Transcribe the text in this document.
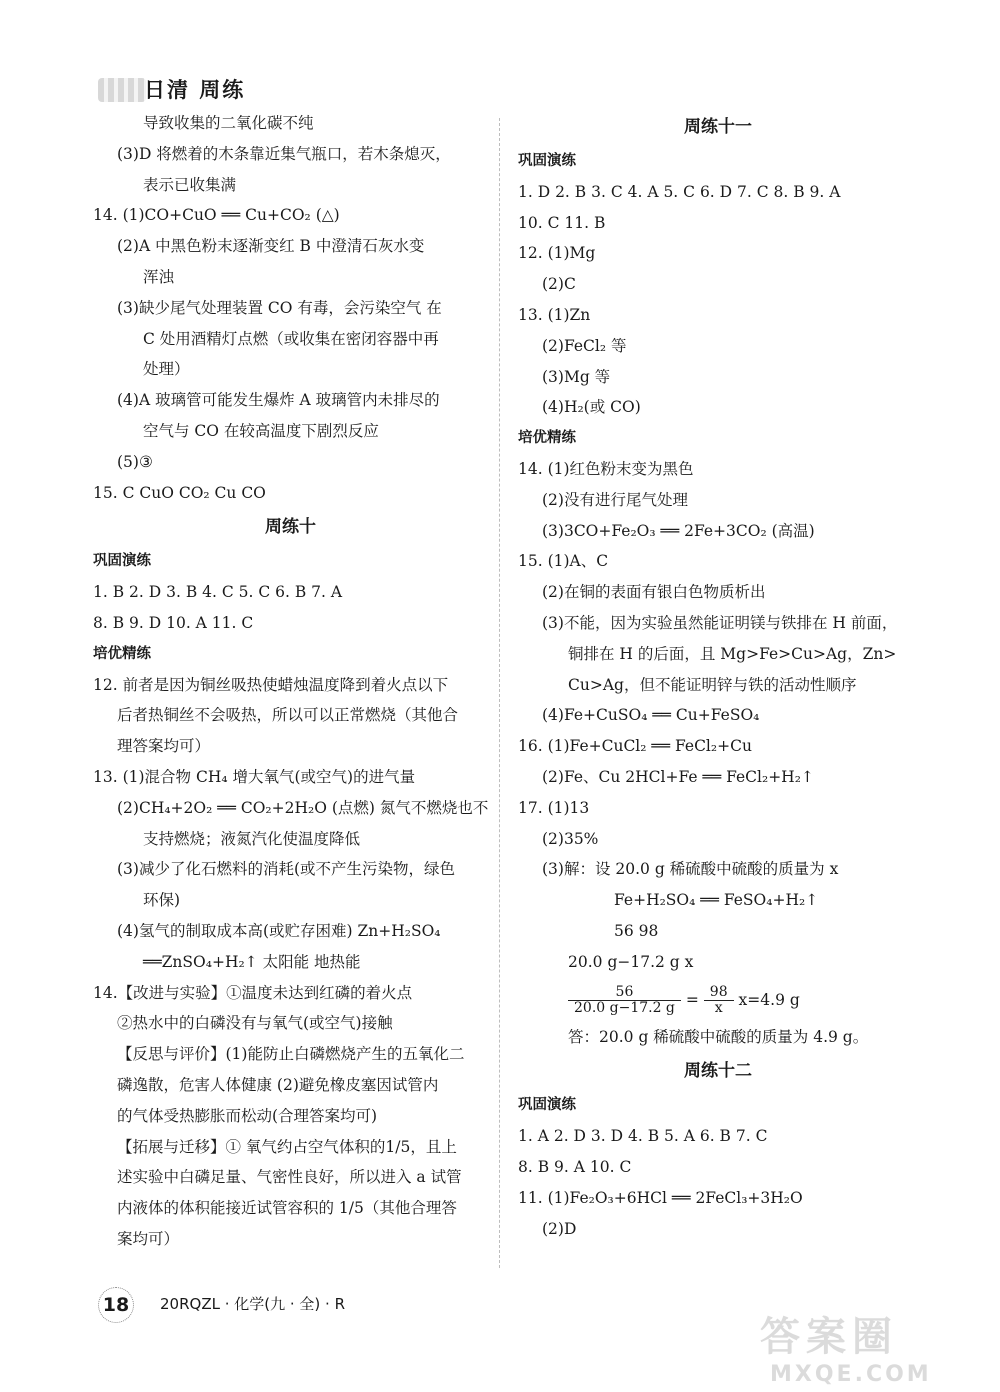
日清 周练
导致收集的二氧化碳不纯
(3)D 将燃着的木条靠近集气瓶口，若木条熄灭，
表示已收集满
14. (1)CO+CuO ══ Cu+CO₂ (△)
(2)A 中黑色粉末逐渐变红 B 中澄清石灰水变
浑浊
(3)缺少尾气处理装置 CO 有毒，会污染空气 在
C 处用酒精灯点燃（或收集在密闭容器中再
处理）
(4)A 玻璃管可能发生爆炸 A 玻璃管内未排尽的
空气与 CO 在较高温度下剧烈反应
(5)③
15. C CuO CO₂ Cu CO
周练十
巩固演练
1. B 2. D 3. B 4. C 5. C 6. B 7. A
8. B 9. D 10. A 11. C
培优精练
12. 前者是因为铜丝吸热使蜡烛温度降到着火点以下
后者热铜丝不会吸热，所以可以正常燃烧（其他合
理答案均可）
13. (1)混合物 CH₄ 增大氧气(或空气)的进气量
(2)CH₄+2O₂ ══ CO₂+2H₂O (点燃) 氮气不燃烧也不
支持燃烧；液氮汽化使温度降低
(3)减少了化石燃料的消耗(或不产生污染物，绿色
环保)
(4)氢气的制取成本高(或贮存困难) Zn+H₂SO₄
══ZnSO₄+H₂↑ 太阳能 地热能
14.【改进与实验】①温度未达到红磷的着火点
②热水中的白磷没有与氧气(或空气)接触
【反思与评价】(1)能防止白磷燃烧产生的五氧化二
磷逸散，危害人体健康 (2)避免橡皮塞因试管内
的气体受热膨胀而松动(合理答案均可)
【拓展与迁移】① 氧气约占空气体积的1/5，且上
述实验中白磷足量、气密性良好，所以进入 a 试管
内液体的体积能接近试管容积的 1/5（其他合理答
案均可）
周练十一
巩固演练
1. D 2. B 3. C 4. A 5. C 6. D 7. C 8. B 9. A
10. C 11. B
12. (1)Mg
(2)C
13. (1)Zn
(2)FeCl₂ 等
(3)Mg 等
(4)H₂(或 CO)
培优精练
14. (1)红色粉末变为黑色
(2)没有进行尾气处理
(3)3CO+Fe₂O₃ ══ 2Fe+3CO₂ (高温)
15. (1)A、C
(2)在铜的表面有银白色物质析出
(3)不能，因为实验虽然能证明镁与铁排在 H 前面，
铜排在 H 的后面，且 Mg>Fe>Cu>Ag，Zn>
Cu>Ag，但不能证明锌与铁的活动性顺序
(4)Fe+CuSO₄ ══ Cu+FeSO₄
16. (1)Fe+CuCl₂ ══ FeCl₂+Cu
(2)Fe、Cu 2HCl+Fe ══ FeCl₂+H₂↑
17. (1)13
(2)35%
(3)解：设 20.0 g 稀硫酸中硫酸的质量为 x
Fe+H₂SO₄ ══ FeSO₄+H₂↑
56 98
20.0 g−17.2 g x
$\frac{56}{20.0 g-17.2 g} = \frac{98}{x} x=4.9$ g
答：20.0 g 稀硫酸中硫酸的质量为 4.9 g。
周练十二
巩固演练
1. A 2. D 3. D 4. B 5. A 6. B 7. C
8. B 9. A 10. C
11. (1)Fe₂O₃+6HCl ══ 2FeCl₃+3H₂O
(2)D
18	20RQZL · 化学(九 · 全) · R
答案圈
MXQE.COM
